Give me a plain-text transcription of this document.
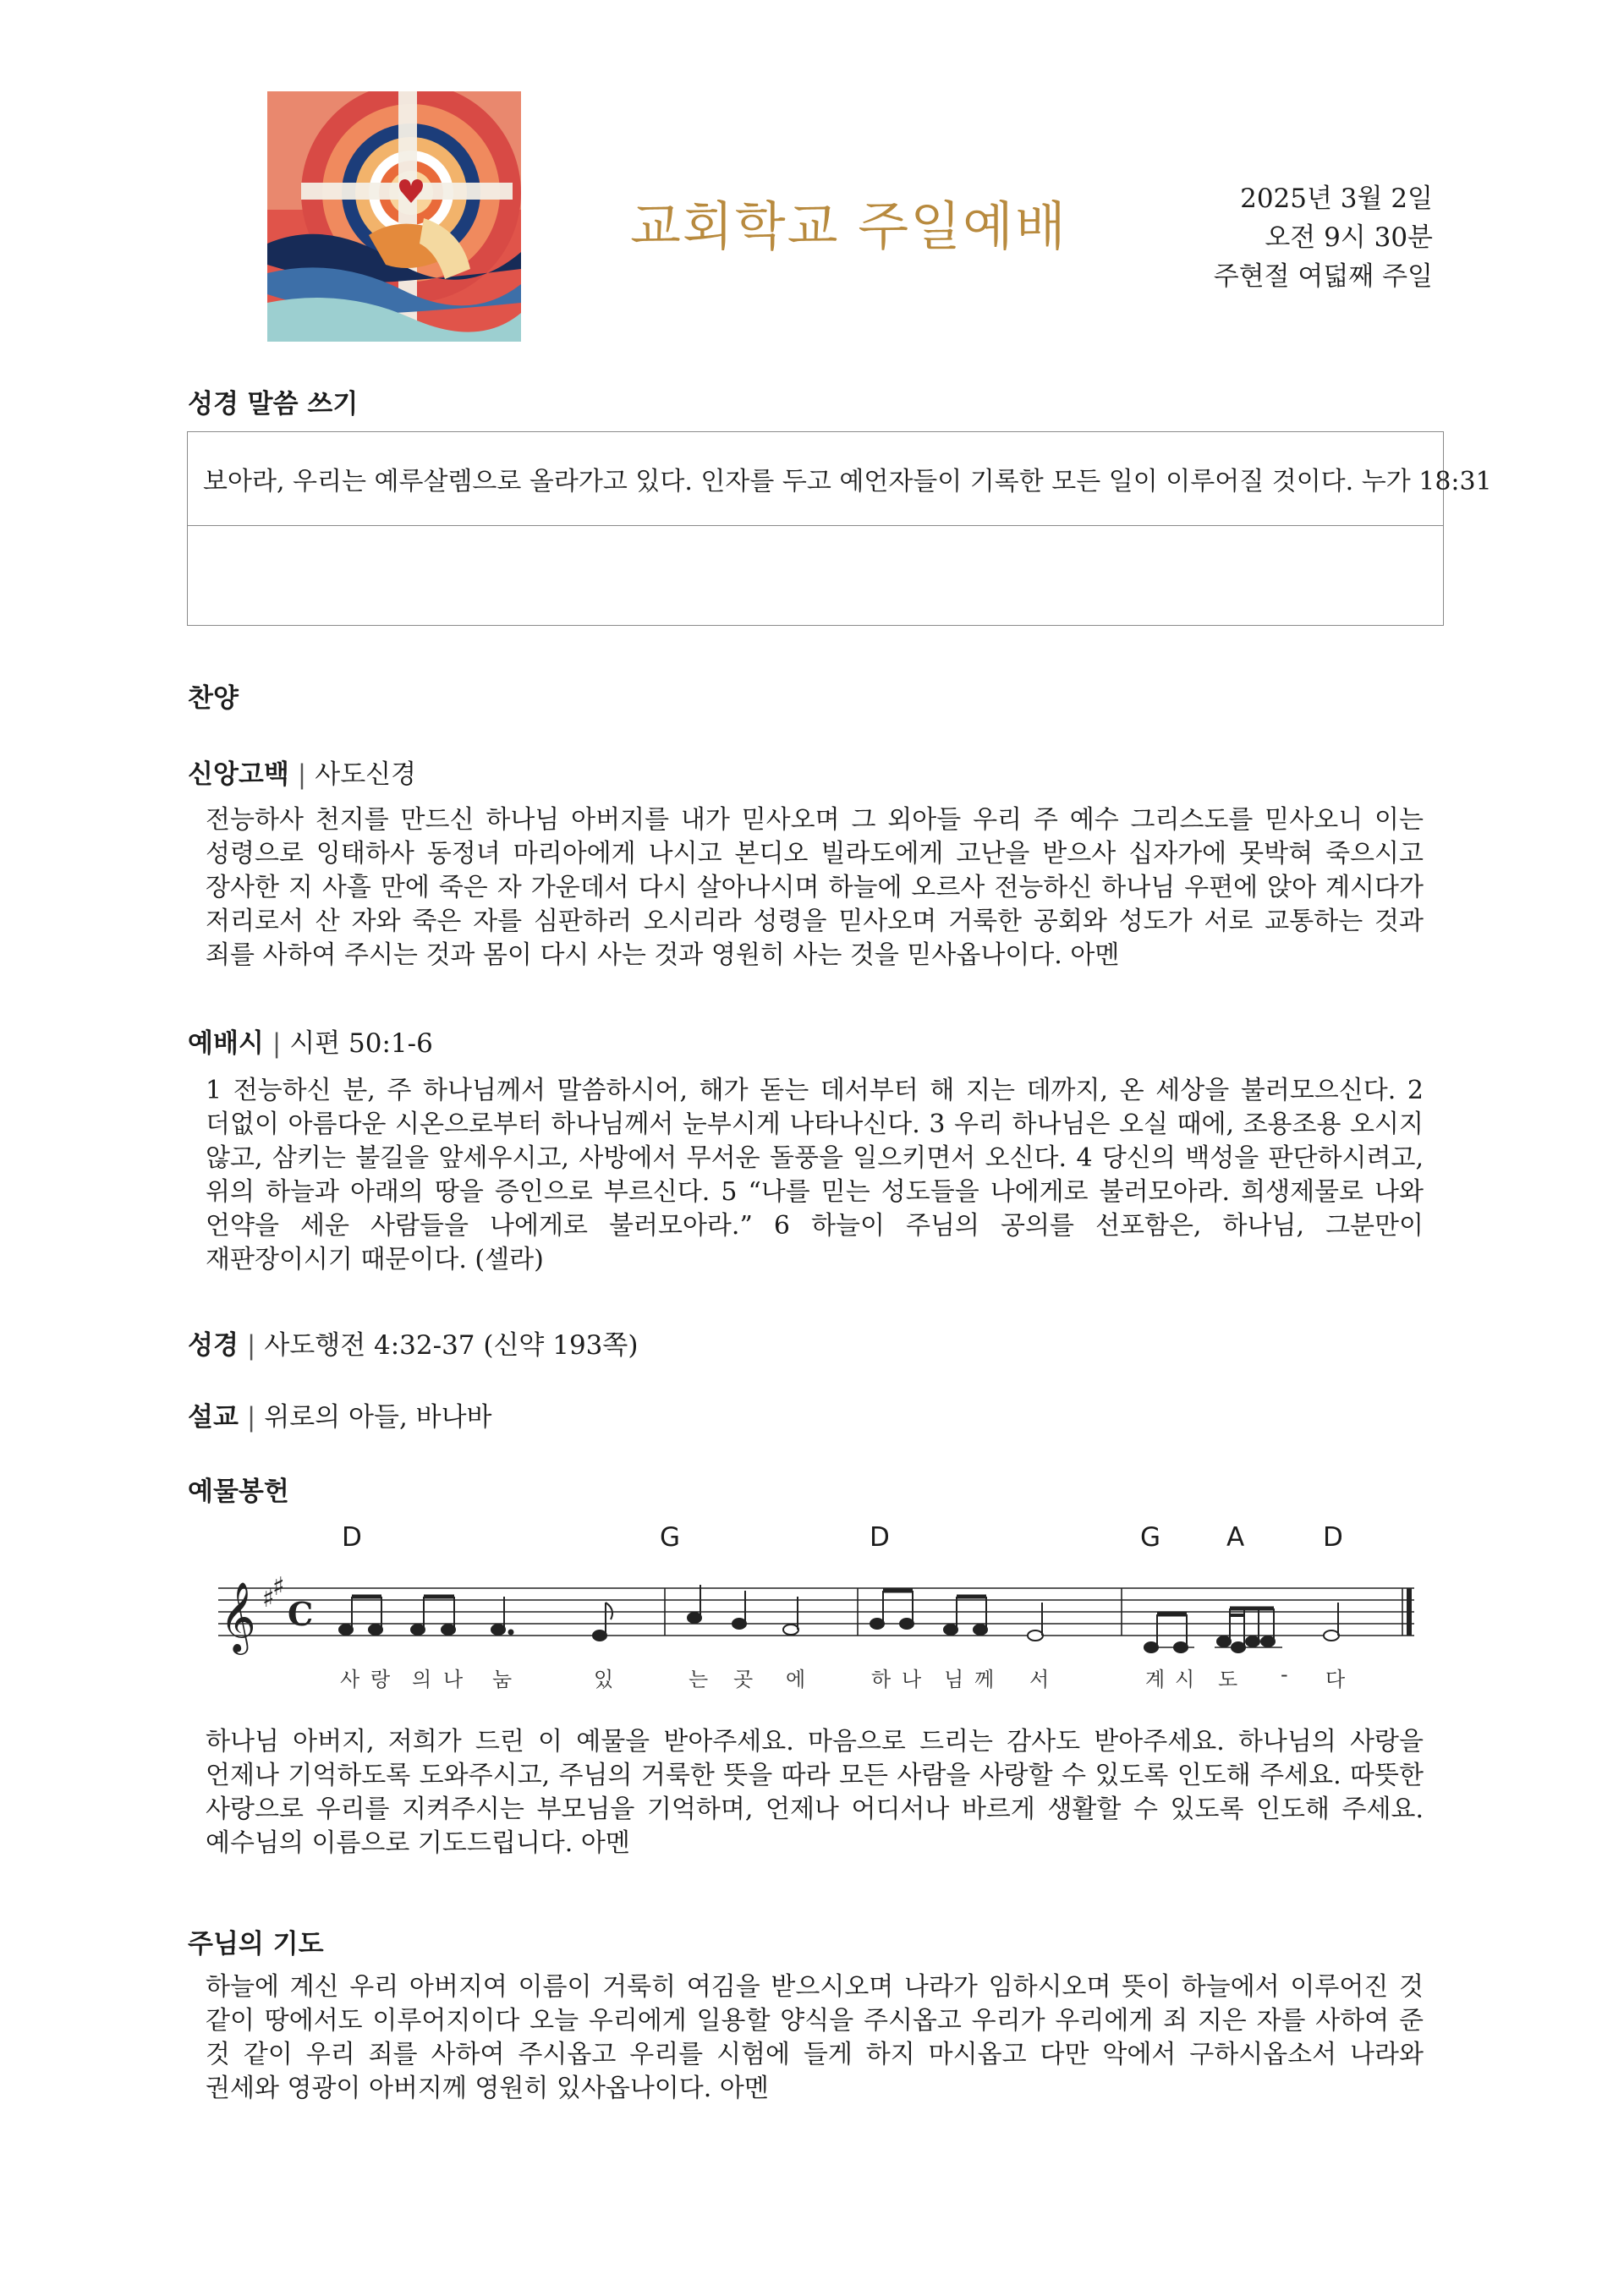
교회학교 주일예배	2025년 3월 2일
오전 9시 30분
주현절 여덟째 주일
성경 말씀 쓰기
보아라, 우리는 예루살렘으로 올라가고 있다. 인자를 두고 예언자들이 기록한 모든 일이 이루어질 것이다. 누가 18:31
찬양
신앙고백 | 사도신경
전능하사 천지를 만드신 하나님 아버지를 내가 믿사오며 그 외아들 우리 주 예수 그리스도를 믿사오니 이는 성령으로 잉태하사 동정녀 마리아에게 나시고 본디오 빌라도에게 고난을 받으사 십자가에 못박혀 죽으시고 장사한 지 사흘 만에 죽은 자 가운데서 다시 살아나시며 하늘에 오르사 전능하신 하나님 우편에 앉아 계시다가 저리로서 산 자와 죽은 자를 심판하러 오시리라 성령을 믿사오며 거룩한 공회와 성도가 서로 교통하는 것과 죄를 사하여 주시는 것과 몸이 다시 사는 것과 영원히 사는 것을 믿사옵나이다. 아멘
예배시 | 시편 50:1-6
1 전능하신 분, 주 하나님께서 말씀하시어, 해가 돋는 데서부터 해 지는 데까지, 온 세상을 불러모으신다. 2 더없이 아름다운 시온으로부터 하나님께서 눈부시게 나타나신다. 3 우리 하나님은 오실 때에, 조용조용 오시지 않고, 삼키는 불길을 앞세우시고, 사방에서 무서운 돌풍을 일으키면서 오신다. 4 당신의 백성을 판단하시려고, 위의 하늘과 아래의 땅을 증인으로 부르신다. 5 “나를 믿는 성도들을 나에게로 불러모아라. 희생제물로 나와 언약을 세운 사람들을 나에게로 불러모아라.” 6 하늘이 주님의 공의를 선포함은, 하나님, 그분만이 재판장이시기 때문이다. (셀라)
성경 | 사도행전 4:32-37 (신약 193쪽)
설교 | 위로의 아들, 바나바
예물봉헌
D	G	D	G	A	D
𝄞 ♯
♯
C
사 랑 의 나 눔	있	는 곳 에	하 나 님 께 서	계 시 도 - 다
하나님 아버지, 저희가 드린 이 예물을 받아주세요. 마음으로 드리는 감사도 받아주세요. 하나님의 사랑을 언제나 기억하도록 도와주시고, 주님의 거룩한 뜻을 따라 모든 사람을 사랑할 수 있도록 인도해 주세요. 따뜻한 사랑으로 우리를 지켜주시는 부모님을 기억하며, 언제나 어디서나 바르게 생활할 수 있도록 인도해 주세요. 예수님의 이름으로 기도드립니다. 아멘
주님의 기도
하늘에 계신 우리 아버지여 이름이 거룩히 여김을 받으시오며 나라가 임하시오며 뜻이 하늘에서 이루어진 것 같이 땅에서도 이루어지이다 오늘 우리에게 일용할 양식을 주시옵고 우리가 우리에게 죄 지은 자를 사하여 준 것 같이 우리 죄를 사하여 주시옵고 우리를 시험에 들게 하지 마시옵고 다만 악에서 구하시옵소서 나라와 권세와 영광이 아버지께 영원히 있사옵나이다. 아멘
